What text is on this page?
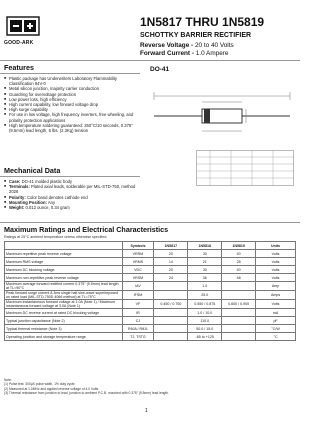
GOOD-ARK
1N5817 THRU 1N5819
SCHOTTKY BARRIER RECTIFIER
Reverse Voltage - 20 to 40 Volts
Forward Current - 1.0 Ampere
Features
■ Plastic package has Underwriters Laboratory Flammability Classification 94V-0
■ Metal silicon junction, majority carrier conduction
■ Guardring for overvoltage protection
■ Low power loss, high efficiency
■ High current capability, low forward voltage drop
■ High surge capability
■ For use in low voltage, high frequency inverters, free wheeling, and polarity protection applications
■ High temperature soldering guaranteed: 250°C/10 seconds, 0.375" (9.5mm) lead length, 5 lbs. (2.3Kg) tension
DO-41
Mechanical Data
■ Case: DO-41 molded plastic body
■ Terminals: Plated axial leads, solderable per MIL-STD-750, method 2026
■ Polarity: Color band denotes cathode end
■ Mounting Position: Any
■ Weight: 0.012 ounce, 0.34 gram
Maximum Ratings and Electrical Characteristics
Ratings at 25°C ambient temperature unless otherwise specified.
	Symbols	1N5817	1N5818	1N5819	Units
Maximum repetitive peak reverse voltage	VRRM	20	30	40	Volts
Maximum RMS voltage	VRMS	14	21	28	Volts
Maximum DC blocking voltage	VDC	20	30	40	Volts
Maximum non-repetitive peak reverse voltage	VRSM	24	36	48	Volts
Maximum average forward rectified current 0.375" (9.5mm) lead length at TL=90°C	IAV		1.0		Amp
Peak forward surge current 8.3ms single half sine-wave superimposed on rated load (MIL-STD-750D 4066 method) at TL=75°C	IFSM		25.0		Amps
Maximum instantaneous forward voltage at 1.0A (Note 1) / Maximum instantaneous forward voltage at 3.0A (Note 1)	VF	0.450 / 0.750	0.550 / 0.875	0.600 / 0.900	Volts
Maximum DC reverse current at rated DC blocking voltage	IR		1.0 / 10.0		mA
Typical junction capacitance (Note 2)	CJ		110.0		pF
Typical thermal resistance (Note 3)	RθJA / RθJL		50.0 / 15.0		°C/W
Operating junction and storage temperature range	TJ, TSTG		-65 to +125		°C
Note:
(1) Pulse test: 300μS pulse width, 1% duty cycle.
(2) Measured at 1.0MHz and applied reverse voltage of 4.0 Volts.
(3) Thermal resistance from junction to lead, junction to ambient P.C.B. mounted with 0.375" (9.5mm) lead length.
1
